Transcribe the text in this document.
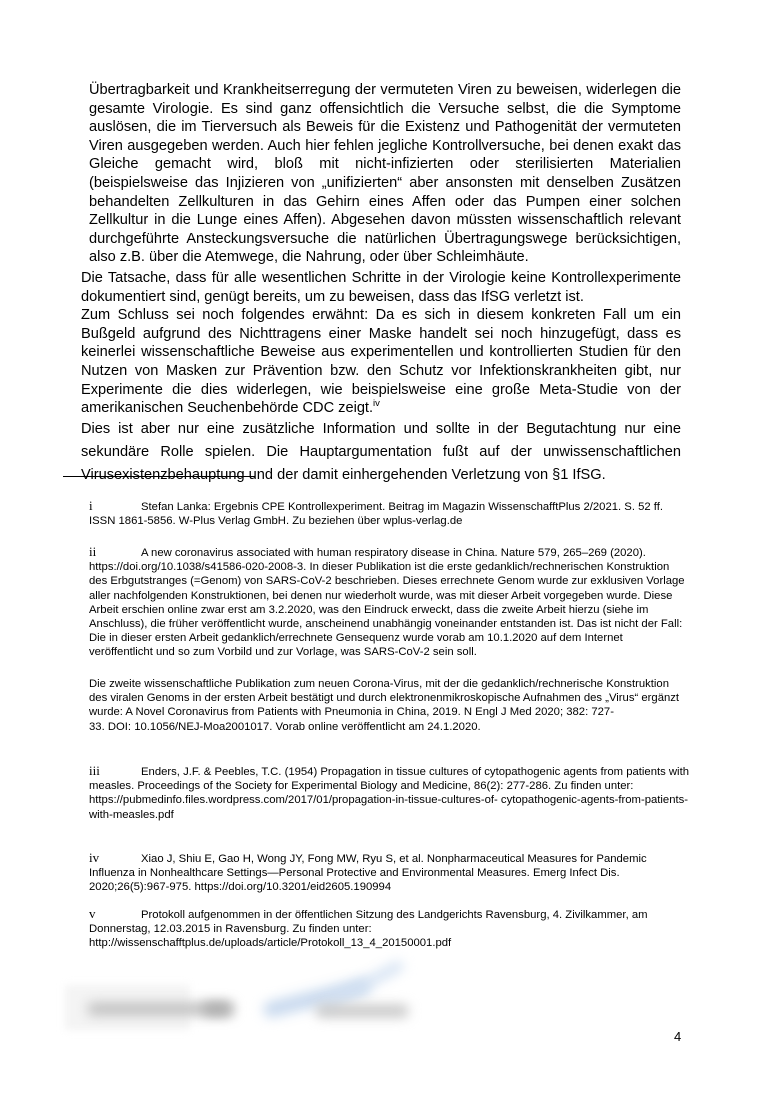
Übertragbarkeit und Krankheitserregung der vermuteten Viren zu beweisen, widerlegen die gesamte Virologie. Es sind ganz offensichtlich die Versuche selbst, die die Symptome auslösen, die im Tierversuch als Beweis für die Existenz und Pathogenität der vermuteten Viren ausgegeben werden. Auch hier fehlen jegliche Kontrollversuche, bei denen exakt das Gleiche gemacht wird, bloß mit nicht-infizierten oder sterilisierten Materialien (beispielsweise das Injizieren von „unifizierten“ aber ansonsten mit denselben Zusätzen behandelten Zellkulturen in das Gehirn eines Affen oder das Pumpen einer solchen Zellkultur in die Lunge eines Affen). Abgesehen davon müssten wissenschaftlich relevant durchgeführte Ansteckungsversuche die natürlichen Übertragungswege berücksichtigen, also z.B. über die Atemwege, die Nahrung, oder über Schleimhäute.

Die Tatsache, dass für alle wesentlichen Schritte in der Virologie keine Kontrollexperimente dokumentiert sind, genügt bereits, um zu beweisen, dass das IfSG verletzt ist.

Zum Schluss sei noch folgendes erwähnt: Da es sich in diesem konkreten Fall um ein Bußgeld aufgrund des Nichttragens einer Maske handelt sei noch hinzugefügt, dass es keinerlei wissenschaftliche Beweise aus experimentellen und kontrollierten Studien für den Nutzen von Masken zur Prävention bzw. den Schutz vor Infektionskrankheiten gibt, nur Experimente die dies widerlegen, wie beispielsweise eine große Meta-Studie von der amerikanischen Seuchenbehörde CDC zeigt.$^{iv}$

Dies ist aber nur eine zusätzliche Information und sollte in der Begutachtung nur eine sekundäre Rolle spielen. Die Hauptargumentation fußt auf der unwissenschaftlichen Virusexistenzbehauptung und der damit einhergehenden Verletzung von §1 IfSG.

i	Stefan Lanka: Ergebnis CPE Kontrollexperiment. Beitrag im Magazin WissenschafftPlus 2/2021. S. 52 ff. ISSN 1861-5856. W-Plus Verlag GmbH. Zu beziehen über wplus-verlag.de

ii	A new coronavirus associated with human respiratory disease in China. Nature 579, 265–269 (2020). https://doi.org/10.1038/s41586-020-2008-3. In dieser Publikation ist die erste gedanklich/rechnerischen Konstruktion des Erbgutstranges (=Genom) von SARS-CoV-2 beschrieben. Dieses errechnete Genom wurde zur exklusiven Vorlage aller nachfolgenden Konstruktionen, bei denen nur wiederholt wurde, was mit dieser Arbeit vorgegeben wurde. Diese Arbeit erschien online zwar erst am 3.2.2020, was den Eindruck erweckt, dass die zweite Arbeit hierzu (siehe im Anschluss), die früher veröffentlicht wurde, anscheinend unabhängig voneinander entstanden ist. Das ist nicht der Fall: Die in dieser ersten Arbeit gedanklich/errechnete Gensequenz wurde vorab am 10.1.2020 auf dem Internet veröffentlicht und so zum Vorbild und zur Vorlage, was SARS-CoV-2 sein soll.

Die zweite wissenschaftliche Publikation zum neuen Corona-Virus, mit der die gedanklich/rechnerische Konstruktion des viralen Genoms in der ersten Arbeit bestätigt und durch elektronenmikroskopische Aufnahmen des „Virus“ ergänzt wurde: A Novel Coronavirus from Patients with Pneumonia in China, 2019. N Engl J Med 2020; 382: 727-

33. DOI: 10.1056/NEJ-Moa2001017. Vorab online veröffentlicht am 24.1.2020.

iii	Enders, J.F. & Peebles, T.C. (1954) Propagation in tissue cultures of cytopathogenic agents from patients with measles. Proceedings of the Society for Experimental Biology and Medicine, 86(2): 277-286. Zu finden unter:

https://pubmedinfo.files.wordpress.com/2017/01/propagation-in-tissue-cultures-of- cytopathogenic-agents-from-patients-with-measles.pdf

iv	Xiao J, Shiu E, Gao H, Wong JY, Fong MW, Ryu S, et al. Nonpharmaceutical Measures for Pandemic Influenza in Nonhealthcare Settings—Personal Protective and Environmental Measures. Emerg Infect Dis. 2020;26(5):967-975. https://doi.org/10.3201/eid2605.190994

v	Protokoll aufgenommen in der öffentlichen Sitzung des Landgerichts Ravensburg, 4. Zivilkammer, am Donnerstag, 12.03.2015 in Ravensburg. Zu finden unter:

http://wissenschafftplus.de/uploads/article/Protokoll_13_4_20150001.pdf

4
